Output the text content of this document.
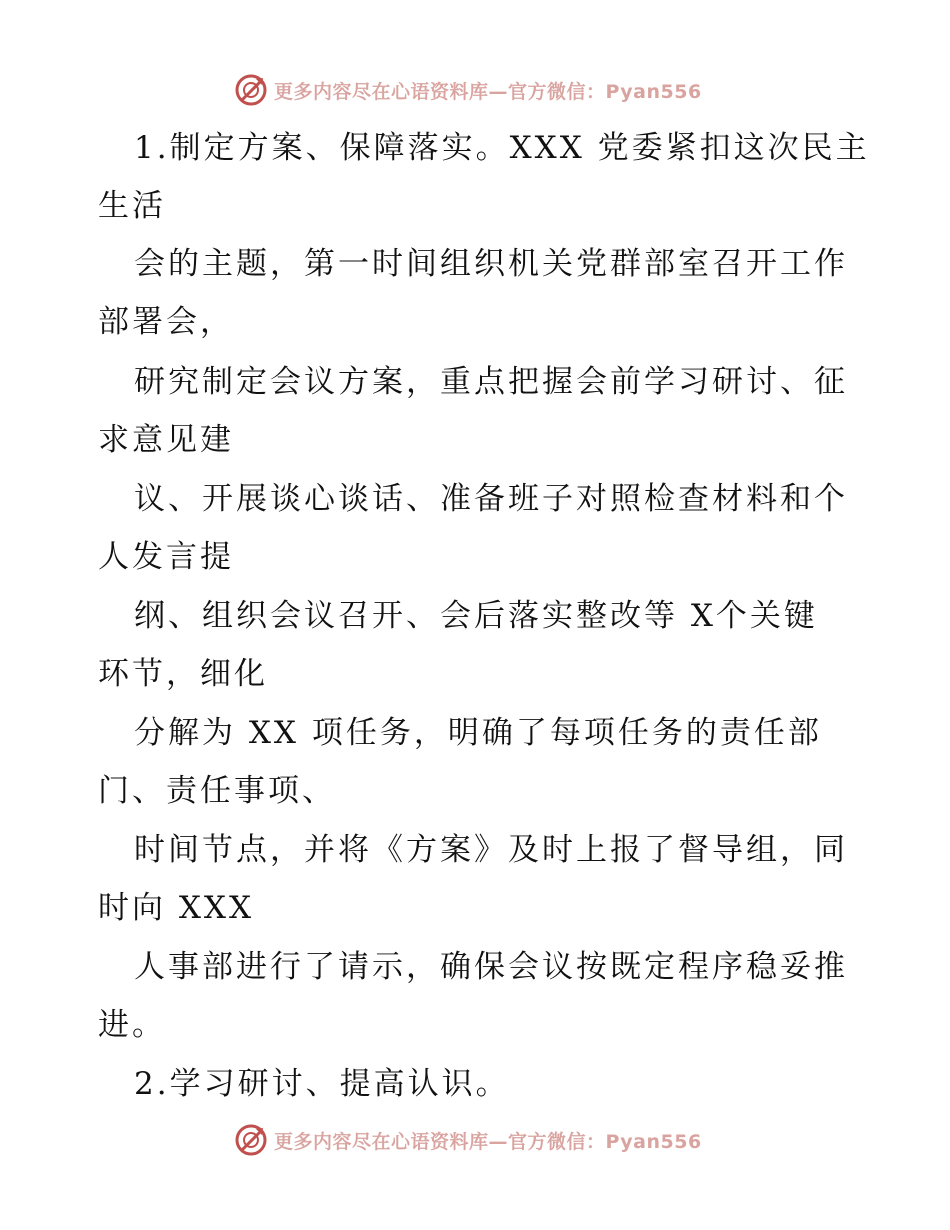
更多内容尽在心语资料库—官方微信：Pyan556
1.制定方案、保障落实。XXX 党委紧扣这次民主
生活
会的主题，第一时间组织机关党群部室召开工作
部署会，
研究制定会议方案，重点把握会前学习研讨、征
求意见建
议、开展谈心谈话、准备班子对照检查材料和个
人发言提
纲、组织会议召开、会后落实整改等 X个关键
环节，细化
分解为 XX 项任务，明确了每项任务的责任部
门、责任事项、
时间节点，并将《方案》及时上报了督导组，同
时向 XXX
人事部进行了请示，确保会议按既定程序稳妥推
进。
2.学习研讨、提高认识。
更多内容尽在心语资料库—官方微信：Pyan556
